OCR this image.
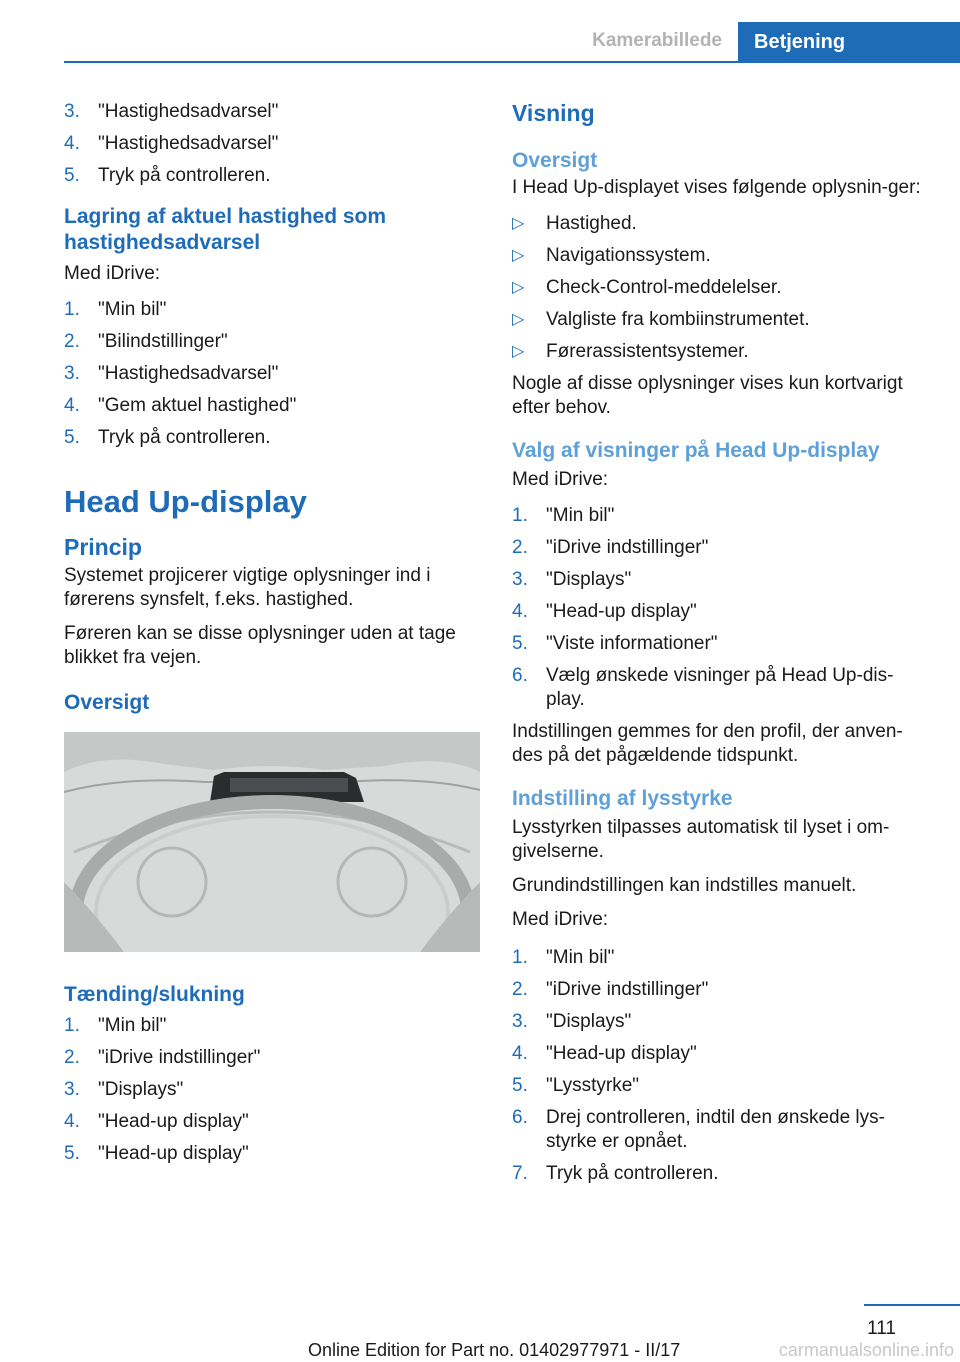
Kamerabillede	Betjening
3. "Hastighedsadvarsel"
4. "Hastighedsadvarsel"
5. Tryk på controlleren.
Lagring af aktuel hastighed som hastighedsadvarsel

Med iDrive:

1. "Min bil"
2. "Bilindstillinger"
3. "Hastighedsadvarsel"
4. "Gem aktuel hastighed"
5. Tryk på controlleren.
Head Up-display
Princip

Systemet projicerer vigtige oplysninger ind i førerens synsfelt, f.eks. hastighed.

Føreren kan se disse oplysninger uden at tage blikket fra vejen.

Oversigt
Tænding/slukning
1. "Min bil"
2. "iDrive indstillinger"
3. "Displays"
4. "Head-up display"
5. "Head-up display"
Visning
Oversigt

I Head Up-displayet vises følgende oplysnin-ger:

▷ Hastighed.
▷ Navigationssystem.
▷ Check-Control-meddelelser.
▷ Valgliste fra kombiinstrumentet.
▷ Førerassistentsystemer.

Nogle af disse oplysninger vises kun kortvarigt efter behov.

Valg af visninger på Head Up-display

Med iDrive:

1. "Min bil"
2. "iDrive indstillinger"
3. "Displays"
4. "Head-up display"
5. "Viste informationer"
6. Vælg ønskede visninger på Head Up-dis-play.

Indstillingen gemmes for den profil, der anven-des på det pågældende tidspunkt.

Indstilling af lysstyrke

Lysstyrken tilpasses automatisk til lyset i om-givelserne.

Grundindstillingen kan indstilles manuelt.

Med iDrive:

1. "Min bil"
2. "iDrive indstillinger"
3. "Displays"
4. "Head-up display"
5. "Lysstyrke"
6. Drej controlleren, indtil den ønskede lys-styrke er opnået.
7. Tryk på controlleren.
111
Online Edition for Part no. 01402977971 - II/17	carmanualsonline.info
